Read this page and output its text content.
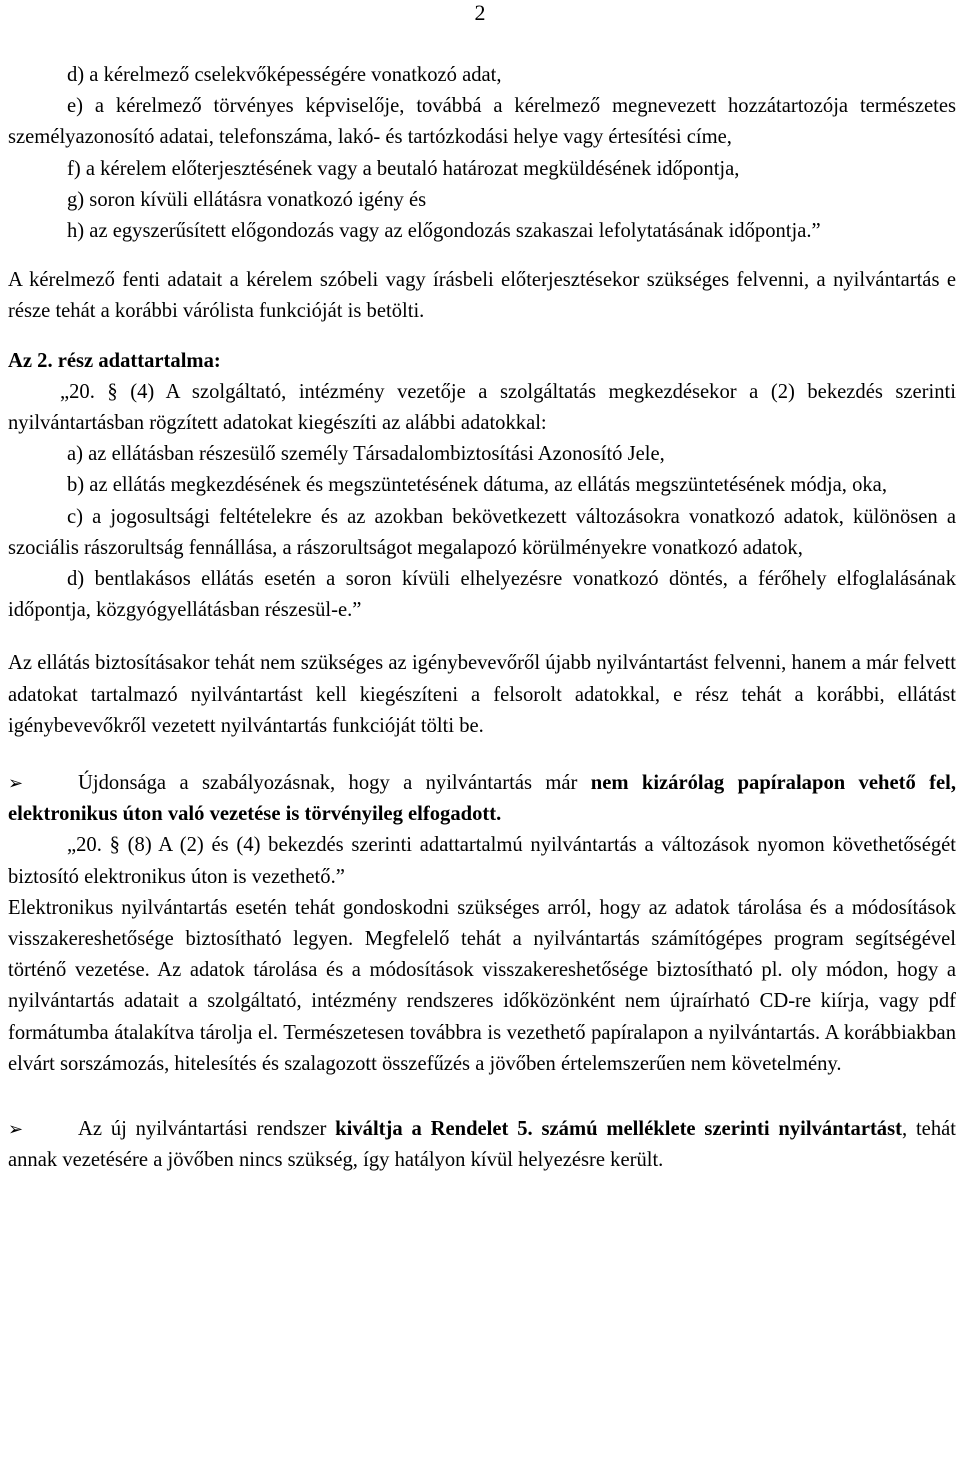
2
d) a kérelmező cselekvőképességére vonatkozó adat,
e) a kérelmező törvényes képviselője, továbbá a kérelmező megnevezett hozzátartozója természetes személyazonosító adatai, telefonszáma, lakó- és tartózkodási helye vagy értesítési címe,
f) a kérelem előterjesztésének vagy a beutaló határozat megküldésének időpontja,
g) soron kívüli ellátásra vonatkozó igény és
h) az egyszerűsített előgondozás vagy az előgondozás szakaszai lefolytatásának időpontja.”
A kérelmező fenti adatait a kérelem szóbeli vagy írásbeli előterjesztésekor szükséges felvenni, a nyilvántartás e része tehát a korábbi várólista funkcióját is betölti.
Az 2. rész adattartalma:
„20. § (4) A szolgáltató, intézmény vezetője a szolgáltatás megkezdésekor a (2) bekezdés szerinti nyilvántartásban rögzített adatokat kiegészíti az alábbi adatokkal:
a) az ellátásban részesülő személy Társadalombiztosítási Azonosító Jele,
b) az ellátás megkezdésének és megszüntetésének dátuma, az ellátás megszüntetésének módja, oka,
c) a jogosultsági feltételekre és az azokban bekövetkezett változásokra vonatkozó adatok, különösen a szociális rászorultság fennállása, a rászorultságot megalapozó körülményekre vonatkozó adatok,
d) bentlakásos ellátás esetén a soron kívüli elhelyezésre vonatkozó döntés, a férőhely elfoglalásának időpontja, közgyógyellátásban részesül-e.”
Az ellátás biztosításakor tehát nem szükséges az igénybevevőről újabb nyilvántartást felvenni, hanem a már felvett adatokat tartalmazó nyilvántartást kell kiegészíteni a felsorolt adatokkal, e rész tehát a korábbi, ellátást igénybevevőkről vezetett nyilvántartás funkcióját tölti be.
➢	Újdonsága a szabályozásnak, hogy a nyilvántartás már nem kizárólag papíralapon vehető fel, elektronikus úton való vezetése is törvényileg elfogadott.
„20. § (8) A (2) és (4) bekezdés szerinti adattartalmú nyilvántartás a változások nyomon követhetőségét biztosító elektronikus úton is vezethető.”
Elektronikus nyilvántartás esetén tehát gondoskodni szükséges arról, hogy az adatok tárolása és a módosítások visszakereshetősége biztosítható legyen. Megfelelő tehát a nyilvántartás számítógépes program segítségével történő vezetése. Az adatok tárolása és a módosítások visszakereshetősége biztosítható pl. oly módon, hogy a nyilvántartás adatait a szolgáltató, intézmény rendszeres időközönként nem újraírható CD-re kiírja, vagy pdf formátumba átalakítva tárolja el. Természetesen továbbra is vezethető papíralapon a nyilvántartás. A korábbiakban elvárt sorszámozás, hitelesítés és szalagozott összefűzés a jövőben értelemszerűen nem követelmény.
➢	Az új nyilvántartási rendszer kiváltja a Rendelet 5. számú melléklete szerinti nyilvántartást, tehát annak vezetésére a jövőben nincs szükség, így hatályon kívül helyezésre került.
